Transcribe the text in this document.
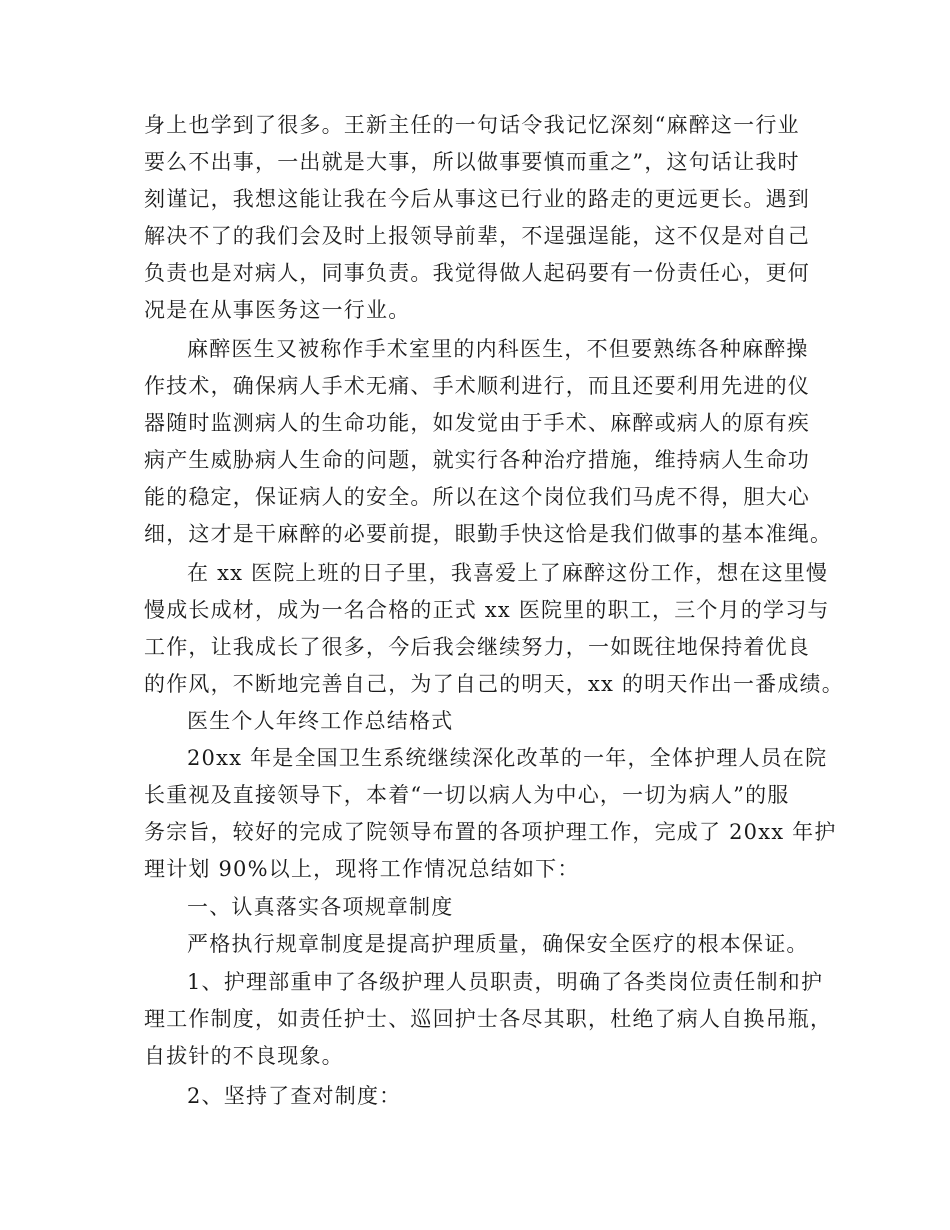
身上也学到了很多。王新主任的一句话令我记忆深刻“麻醉这一行业
要么不出事，一出就是大事，所以做事要慎而重之”，这句话让我时
刻谨记，我想这能让我在今后从事这已行业的路走的更远更长。遇到
解决不了的我们会及时上报领导前辈，不逞强逞能，这不仅是对自己
负责也是对病人，同事负责。我觉得做人起码要有一份责任心，更何
况是在从事医务这一行业。
麻醉医生又被称作手术室里的内科医生，不但要熟练各种麻醉操
作技术，确保病人手术无痛、手术顺利进行，而且还要利用先进的仪
器随时监测病人的生命功能，如发觉由于手术、麻醉或病人的原有疾
病产生威胁病人生命的问题，就实行各种治疗措施，维持病人生命功
能的稳定，保证病人的安全。所以在这个岗位我们马虎不得，胆大心
细，这才是干麻醉的必要前提，眼勤手快这恰是我们做事的基本准绳。
在 xx 医院上班的日子里，我喜爱上了麻醉这份工作，想在这里慢
慢成长成材，成为一名合格的正式 xx 医院里的职工，三个月的学习与
工作，让我成长了很多，今后我会继续努力，一如既往地保持着优良
的作风，不断地完善自己，为了自己的明天，xx 的明天作出一番成绩。
医生个人年终工作总结格式
20xx 年是全国卫生系统继续深化改革的一年，全体护理人员在院
长重视及直接领导下，本着“一切以病人为中心，一切为病人”的服
务宗旨，较好的完成了院领导布置的各项护理工作，完成了 20xx 年护
理计划 90%以上，现将工作情况总结如下：
一、认真落实各项规章制度
严格执行规章制度是提高护理质量，确保安全医疗的根本保证。
1、护理部重申了各级护理人员职责，明确了各类岗位责任制和护
理工作制度，如责任护士、巡回护士各尽其职，杜绝了病人自换吊瓶，
自拔针的不良现象。
2、坚持了查对制度：
